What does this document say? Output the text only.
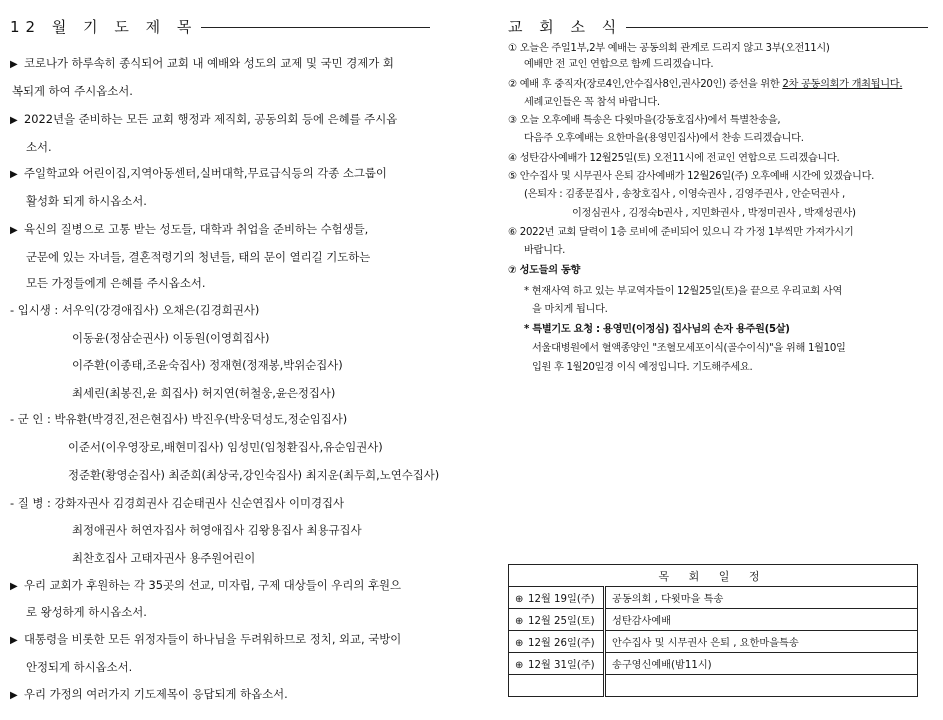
12 월 기 도 제 목
▶ 코로나가 하루속히 종식되어 교회 내 예배와 성도의 교제 및 국민 경제가 회
복되게 하여 주시옵소서.
▶ 2022년을 준비하는 모든 교회 행정과 제직회, 공동의회 등에 은혜를 주시옵
소서.
▶ 주일학교와 어린이집,지역아동센터,실버대학,무료급식등의 각종 소그룹이
활성화 되게 하시옵소서.
▶ 육신의 질병으로 고통 받는 성도들, 대학과 취업을 준비하는 수험생들,
군문에 있는 자녀들, 결혼적령기의 청년들, 태의 문이 열리길 기도하는
모든 가정들에게 은혜를 주시옵소서.
- 입시생 : 서우익(강경애집사) 오채은(김경희권사)
이동윤(정삼순권사) 이동원(이영희집사)
이주환(이종태,조윤숙집사) 정재현(정재봉,박위순집사)
최세린(최봉진,윤 희집사) 허지연(허철웅,윤은정집사)
- 군 인 : 박유환(박경진,전은현집사) 박진우(박웅덕성도,정순임집사)
이준서(이우영장로,배현미집사) 임성민(임청환집사,유순임권사)
정준환(황영순집사) 최준희(최상국,강인숙집사) 최지운(최두희,노연수집사)
- 질 병 : 강화자권사 김경희권사 김순태권사 신순연집사 이미경집사
최정애권사 허연자집사 허영애집사 김왕용집사 최용규집사
최찬호집사 고태자권사 용주원어린이
▶ 우리 교회가 후원하는 각 35곳의 선교, 미자립, 구제 대상들이 우리의 후원으
로 왕성하게 하시옵소서.
▶ 대통령을 비롯한 모든 위정자들이 하나님을 두려워하므로 정치, 외교, 국방이
안정되게 하시옵소서.
▶ 우리 가정의 여러가지 기도제목이 응답되게 하옵소서.
교 회 소 식
① 오늘은 주일1부,2부 예배는 공동의회 관계로 드리지 않고 3부(오전11시)
예배만 전 교인 연합으로 함께 드리겠습니다.
② 예배 후 중직자(장로4인,안수집사8인,권사20인) 증선을 위한 2차 공동의회가 개최됩니다.
세례교인들은 꼭 참석 바랍니다.
③ 오늘 오후예배 특송은 다윗마을(강동호집사)에서 특별찬송을,
다음주 오후예배는 요한마을(용영민집사)에서 찬송 드리겠습니다.
④ 성탄감사예배가 12월25일(토) 오전11시에 전교인 연합으로 드리겠습니다.
⑤ 안수집사 및 시무권사 은퇴 감사예배가 12월26일(주) 오후예배 시간에 있겠습니다.
(은퇴자 : 김종문집사 , 송창호집사 , 이영숙권사 , 김영주권사 , 안순덕권사 ,
이정심권사 , 김정숙b권사 , 지민화권사 , 박정미권사 , 박재성권사)
⑥ 2022년 교회 달력이 1층 로비에 준비되어 있으니 각 가정 1부씩만 가져가시기
바랍니다.
⑦ 성도들의 동향
* 현재사역 하고 있는 부교역자들이 12월25일(토)을 끝으로 우리교회 사역
을 마치게 됩니다.
* 특별기도 요청 : 용영민(이정심) 집사님의 손자 용주원(5살)
서울대병원에서 혈액종양인 "조혈모세포이식(골수이식)"을 위해 1월10일
입원 후 1월20일경 이식 예정입니다. 기도해주세요.
목 회 일 정	
⊕ 12월 19일(주)	공동의회 , 다윗마을 특송
⊕ 12월 25일(토)	성탄감사예배
⊕ 12월 26일(주)	안수집사 및 시무권사 은퇴 , 요한마을특송
⊕ 12월 31일(주)	송구영신예배(밤11시)
